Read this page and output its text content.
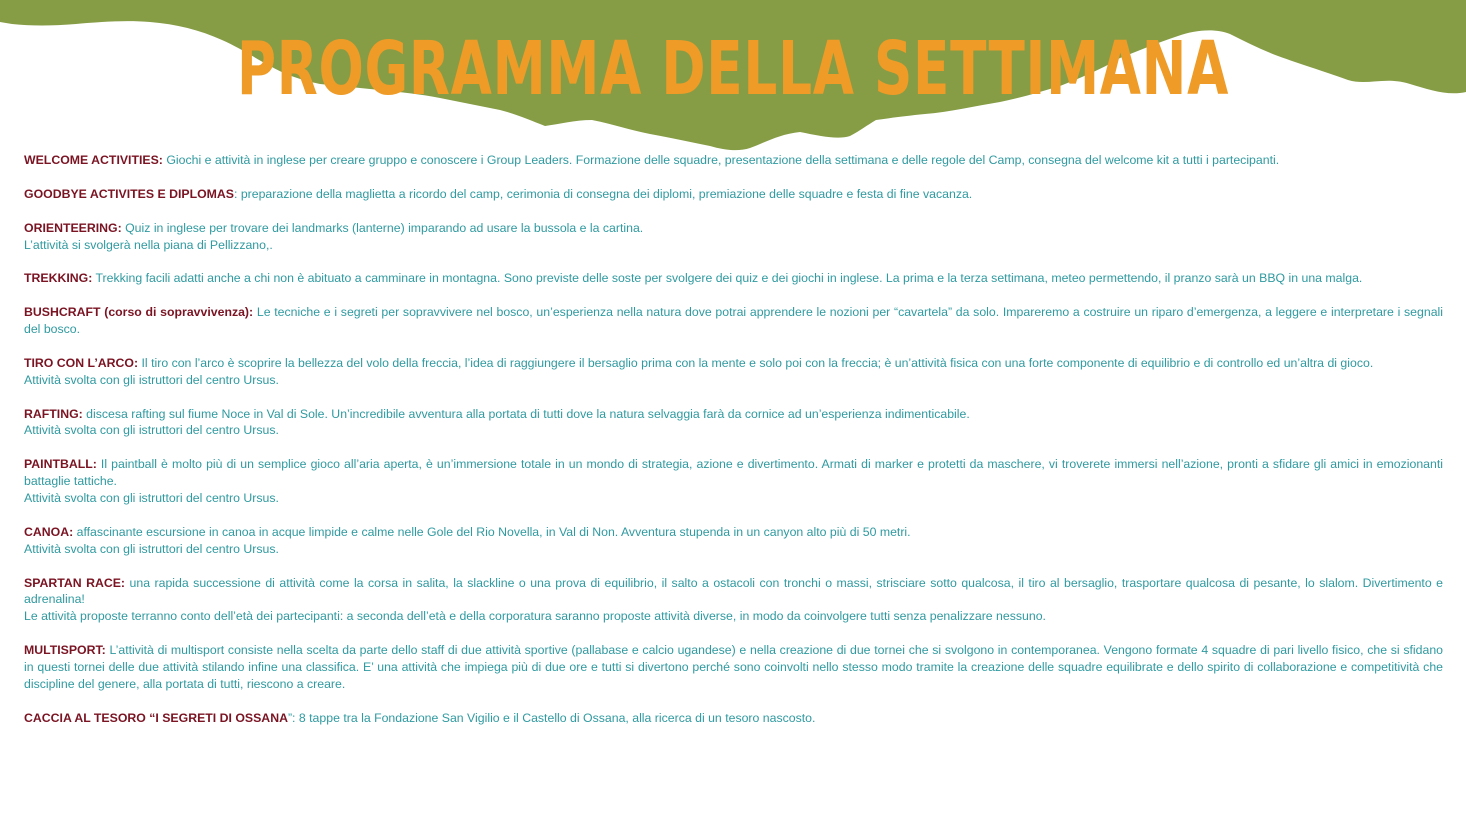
PROGRAMMA DELLA SETTIMANA

WELCOME ACTIVITIES: Giochi e attività in inglese per creare gruppo e conoscere i Group Leaders. Formazione delle squadre, presentazione della settimana e delle regole del Camp, consegna del welcome kit a tutti i partecipanti.

GOODBYE ACTIVITES E DIPLOMAS: preparazione della maglietta a ricordo del camp, cerimonia di consegna dei diplomi, premiazione delle squadre e festa di fine vacanza.

ORIENTEERING: Quiz in inglese per trovare dei landmarks (lanterne) imparando ad usare la bussola e la cartina.

L’attività si svolgerà nella piana di Pellizzano,.

TREKKING: Trekking facili adatti anche a chi non è abituato a camminare in montagna. Sono previste delle soste per svolgere dei quiz e dei giochi in inglese. La prima e la terza settimana, meteo permettendo, il pranzo sarà un BBQ in una malga.

BUSHCRAFT (corso di sopravvivenza): Le tecniche e i segreti per sopravvivere nel bosco, un’esperienza nella natura dove potrai apprendere le nozioni per “cavartela” da solo. Impareremo a costruire un riparo d’emergenza, a leggere e interpretare i segnali del bosco.

TIRO CON L’ARCO: Il tiro con l’arco è scoprire la bellezza del volo della freccia, l’idea di raggiungere il bersaglio prima con la mente e solo poi con la freccia; è un’attività fisica con una forte componente di equilibrio e di controllo ed un’altra di gioco.

Attività svolta con gli istruttori del centro Ursus.

RAFTING: discesa rafting sul fiume Noce in Val di Sole. Un’incredibile avventura alla portata di tutti dove la natura selvaggia farà da cornice ad un’esperienza indimenticabile.

Attività svolta con gli istruttori del centro Ursus.

PAINTBALL: Il paintball è molto più di un semplice gioco all’aria aperta, è un’immersione totale in un mondo di strategia, azione e divertimento. Armati di marker e protetti da maschere, vi troverete immersi nell’azione, pronti a sfidare gli amici in emozionanti battaglie tattiche.

Attività svolta con gli istruttori del centro Ursus.

CANOA: affascinante escursione in canoa in acque limpide e calme nelle Gole del Rio Novella, in Val di Non. Avventura stupenda in un canyon alto più di 50 metri.

Attività svolta con gli istruttori del centro Ursus.

SPARTAN RACE: una rapida successione di attività come la corsa in salita, la slackline o una prova di equilibrio, il salto a ostacoli con tronchi o massi, strisciare sotto qualcosa, il tiro al bersaglio, trasportare qualcosa di pesante, lo slalom. Divertimento e adrenalina!

Le attività proposte terranno conto dell’età dei partecipanti: a seconda dell’età e della corporatura saranno proposte attività diverse, in modo da coinvolgere tutti senza penalizzare nessuno.

MULTISPORT: L’attività di multisport consiste nella scelta da parte dello staff di due attività sportive (pallabase e calcio ugandese) e nella creazione di due tornei che si svolgono in contemporanea. Vengono formate 4 squadre di pari livello fisico, che si sfidano in questi tornei delle due attività stilando infine una classifica. E’ una attività che impiega più di due ore e tutti si divertono perché sono coinvolti nello stesso modo tramite la creazione delle squadre equilibrate e dello spirito di collaborazione e competitività che discipline del genere, alla portata di tutti, riescono a creare.

CACCIA AL TESORO “I SEGRETI DI OSSANA”: 8 tappe tra la Fondazione San Vigilio e il Castello di Ossana, alla ricerca di un tesoro nascosto.
